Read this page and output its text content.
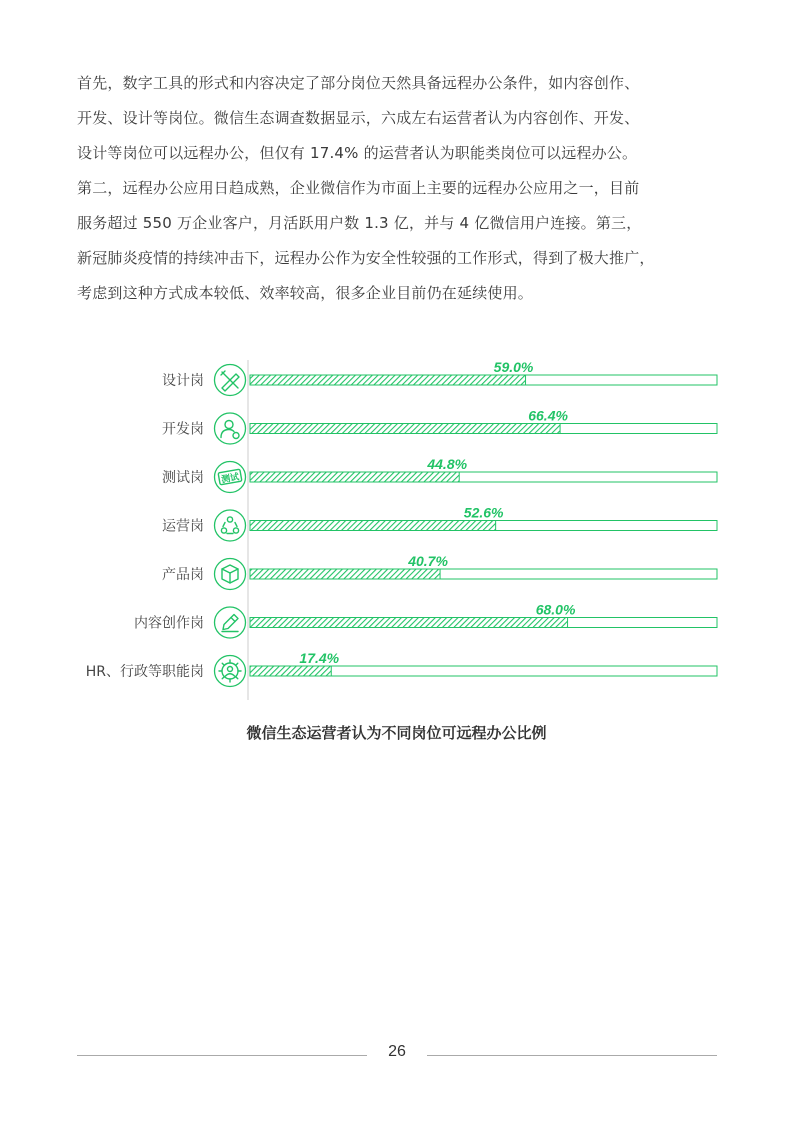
首先，数字工具的形式和内容决定了部分岗位天然具备远程办公条件，如内容创作、
开发、设计等岗位。微信生态调查数据显示，六成左右运营者认为内容创作、开发、
设计等岗位可以远程办公，但仅有 17.4% 的运营者认为职能类岗位可以远程办公。
第二，远程办公应用日趋成熟，企业微信作为市面上主要的远程办公应用之一，目前
服务超过 550 万企业客户，月活跃用户数 1.3 亿，并与 4 亿微信用户连接。第三，
新冠肺炎疫情的持续冲击下，远程办公作为安全性较强的工作形式，得到了极大推广，
考虑到这种方式成本较低、效率较高，很多企业目前仍在延续使用。
设计岗
59.0%
开发岗
66.4%
测试岗 测试
44.8%
运营岗
52.6%
产品岗
40.7%
内容创作岗
68.0%
HR、行政等职能岗
17.4%
微信生态运营者认为不同岗位可远程办公比例
26
